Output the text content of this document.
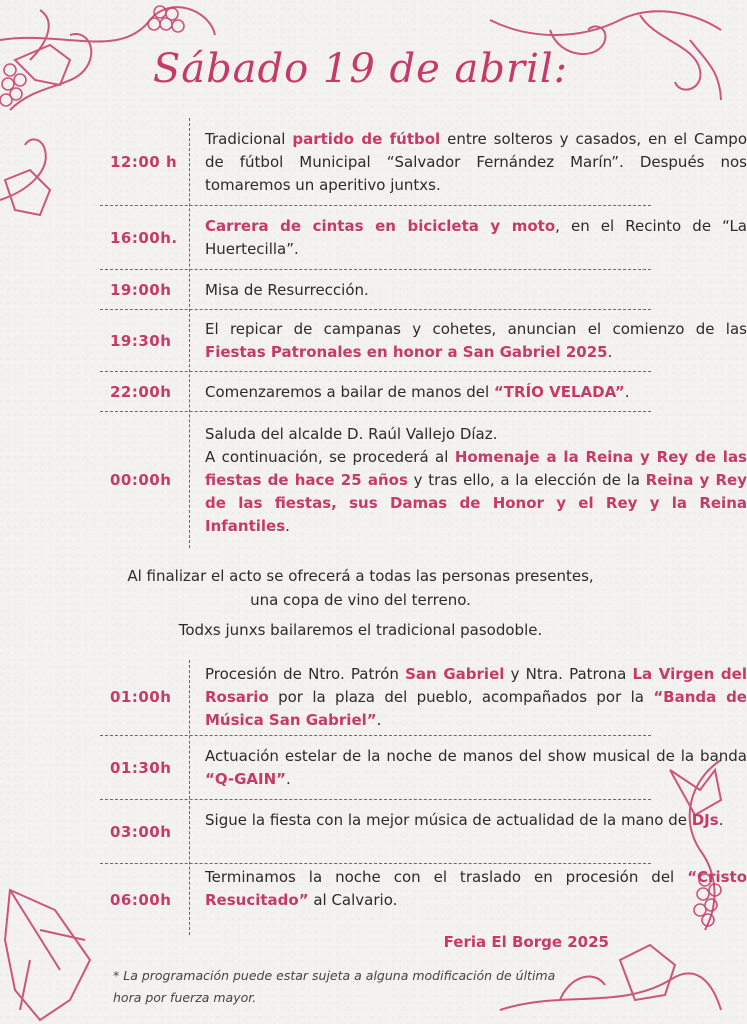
Sábado 19 de abril:
12:00 h
Tradicional partido de fútbol entre solteros y casados, en el Campo de fútbol Municipal “Salvador Fernández Marín”. Después nos tomaremos un aperitivo juntxs.
16:00h.
Carrera de cintas en bicicleta y moto, en el Recinto de “La Huertecilla”.
19:00h	Misa de Resurrección.
19:30h
El repicar de campanas y cohetes, anuncian el comienzo de las Fiestas Patronales en honor a San Gabriel 2025.
22:00h	Comenzaremos a bailar de manos del “TRÍO VELADA”.
00:00h
Saluda del alcalde D. Raúl Vallejo Díaz.
A continuación, se procederá al Homenaje a la Reina y Rey de las fiestas de hace 25 años y tras ello, a la elección de la Reina y Rey de las fiestas, sus Damas de Honor y el Rey y la Reina Infantiles.
Al finalizar el acto se ofrecerá a todas las personas presentes,
una copa de vino del terreno.
Todxs junxs bailaremos el tradicional pasodoble.
01:00h
Procesión de Ntro. Patrón San Gabriel y Ntra. Patrona La Virgen del Rosario por la plaza del pueblo, acompañados por la “Banda de Música San Gabriel”.
01:30h
Actuación estelar de la noche de manos del show musical de la banda “Q-GAIN”.
03:00h
Sigue la fiesta con la mejor música de actualidad de la mano de DJs.
06:00h
Terminamos la noche con el traslado en procesión del “Cristo Resucitado” al Calvario.
Feria El Borge 2025
* La programación puede estar sujeta a alguna modificación de última hora por fuerza mayor.
